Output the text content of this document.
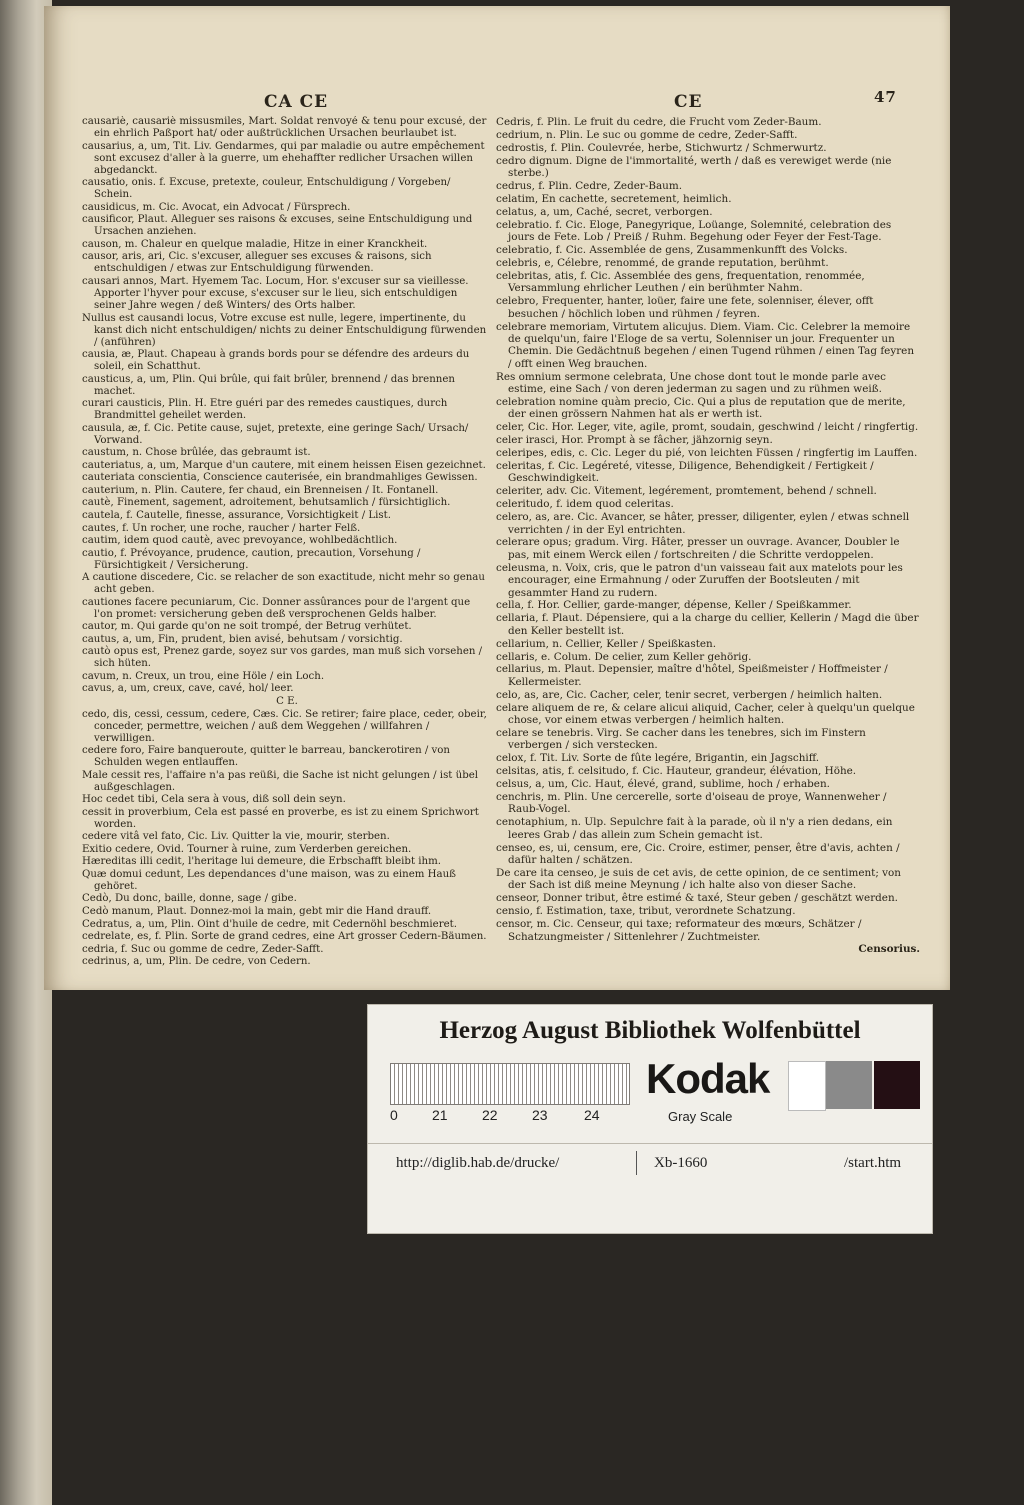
CA CE	CE	47
causariè, causariè missusmiles, Mart. Soldat renvoyé & tenu pour excusé, der ein ehrlich Paßport hat/ oder außtrücklichen Ursachen beurlaubet ist.
causarius, a, um, Tit. Liv. Gendarmes, qui par maladie ou autre empêchement sont excusez d'aller à la guerre, um ehehaffter redlicher Ursachen willen abgedanckt.
causatio, onis. f. Excuse, pretexte, couleur, Entschuldigung / Vorgeben/ Schein.
causidicus, m. Cic. Avocat, ein Advocat / Fürsprech.
causificor, Plaut. Alleguer ses raisons & excuses, seine Entschuldigung und Ursachen anziehen.
causon, m. Chaleur en quelque maladie, Hitze in einer Kranckheit.
causor, aris, ari, Cic. s'excuser, alleguer ses excuses & raisons, sich entschuldigen / etwas zur Entschuldigung fürwenden.
causari annos, Mart. Hyemem Tac. Locum, Hor. s'excuser sur sa vieillesse. Apporter l'hyver pour excuse, s'excuser sur le lieu, sich entschuldigen seiner Jahre wegen / deß Winters/ des Orts halber.
Nullus est causandi locus, Votre excuse est nulle, legere, impertinente, du kanst dich nicht entschuldigen/ nichts zu deiner Entschuldigung fürwenden / (anführen)
causia, æ, Plaut. Chapeau à grands bords pour se défendre des ardeurs du soleil, ein Schatthut.
causticus, a, um, Plin. Qui brûle, qui fait brûler, brennend / das brennen machet.
curari causticis, Plin. H. Etre guéri par des remedes caustiques, durch Brandmittel geheilet werden.
causula, æ, f. Cic. Petite cause, sujet, pretexte, eine geringe Sach/ Ursach/ Vorwand.
caustum, n. Chose brûlée, das gebraumt ist.
cauteriatus, a, um, Marque d'un cautere, mit einem heissen Eisen gezeichnet.
cauteriata conscientia, Conscience cauterisée, ein brandmahliges Gewissen.
cauterium, n. Plin. Cautere, fer chaud, ein Brenneisen / It. Fontanell.
cautè, Finement, sagement, adroitement, behutsamlich / fürsichtiglich.
cautela, f. Cautelle, finesse, assurance, Vorsichtigkeit / List.
cautes, f. Un rocher, une roche, raucher / harter Felß.
cautim, idem quod cautè, avec prevoyance, wohlbedächtlich.
cautio, f. Prévoyance, prudence, caution, precaution, Vorsehung / Fürsichtigkeit / Versicherung.
A cautione discedere, Cic. se relacher de son exactitude, nicht mehr so genau acht geben.
cautiones facere pecuniarum, Cic. Donner assûrances pour de l'argent que l'on promet: versicherung geben deß versprochenen Gelds halber.
cautor, m. Qui garde qu'on ne soit trompé, der Betrug verhütet.
cautus, a, um, Fin, prudent, bien avisé, behutsam / vorsichtig.
cautò opus est, Prenez garde, soyez sur vos gardes, man muß sich vorsehen / sich hüten.
cavum, n. Creux, un trou, eine Höle / ein Loch.
cavus, a, um, creux, cave, cavé, hol/ leer.
C E.
cedo, dis, cessi, cessum, cedere, Cæs. Cic. Se retirer; faire place, ceder, obeir, conceder, permettre, weichen / auß dem Weggehen / willfahren / verwilligen.
cedere foro, Faire banqueroute, quitter le barreau, banckerotiren / von Schulden wegen entlauffen.
Male cessit res, l'affaire n'a pas reüßi, die Sache ist nicht gelungen / ist übel außgeschlagen.
Hoc cedet tibi, Cela sera à vous, diß soll dein seyn.
cessit in proverbium, Cela est passé en proverbe, es ist zu einem Sprichwort worden.
cedere vitâ vel fato, Cic. Liv. Quitter la vie, mourir, sterben.
Exitio cedere, Ovid. Tourner à ruine, zum Verderben gereichen.
Hæreditas illi cedit, l'heritage lui demeure, die Erbschafft bleibt ihm.
Quæ domui cedunt, Les dependances d'une maison, was zu einem Hauß gehöret.
Cedò, Du donc, baille, donne, sage / gibe.
Cedò manum, Plaut. Donnez-moi la main, gebt mir die Hand drauff.
Cedratus, a, um, Plin. Oint d'huile de cedre, mit Cedernöhl beschmieret.
cedrelate, es, f. Plin. Sorte de grand cedres, eine Art grosser Cedern-Bäumen.
cedria, f. Suc ou gomme de cedre, Zeder-Safft.
cedrinus, a, um, Plin. De cedre, von Cedern.
Cedris, f. Plin. Le fruit du cedre, die Frucht vom Zeder-Baum.
cedrium, n. Plin. Le suc ou gomme de cedre, Zeder-Safft.
cedrostis, f. Plin. Coulevrée, herbe, Stichwurtz / Schmerwurtz.
cedro dignum. Digne de l'immortalité, werth / daß es verewiget werde (nie sterbe.)
cedrus, f. Plin. Cedre, Zeder-Baum.
celatim, En cachette, secretement, heimlich.
celatus, a, um, Caché, secret, verborgen.
celebratio. f. Cic. Eloge, Panegyrique, Loüange, Solemnité, celebration des jours de Fete. Lob / Preiß / Ruhm. Begehung oder Feyer der Fest-Tage.
celebratio, f. Cic. Assemblée de gens, Zusammenkunfft des Volcks.
celebris, e, Célebre, renommé, de grande reputation, berühmt.
celebritas, atis, f. Cic. Assemblée des gens, frequentation, renommée, Versammlung ehrlicher Leuthen / ein berühmter Nahm.
celebro, Frequenter, hanter, loüer, faire une fete, solenniser, élever, offt besuchen / höchlich loben und rühmen / feyren.
celebrare memoriam, Virtutem alicujus. Diem. Viam. Cic. Celebrer la memoire de quelqu'un, faire l'Eloge de sa vertu, Solenniser un jour. Frequenter un Chemin. Die Gedächtnuß begehen / einen Tugend rühmen / einen Tag feyren / offt einen Weg brauchen.
Res omnium sermone celebrata, Une chose dont tout le monde parle avec estime, eine Sach / von deren jederman zu sagen und zu rühmen weiß.
celebration nomine quàm precio, Cic. Qui a plus de reputation que de merite, der einen grössern Nahmen hat als er werth ist.
celer, Cic. Hor. Leger, vite, agile, promt, soudain, geschwind / leicht / ringfertig.
celer irasci, Hor. Prompt à se fâcher, jähzornig seyn.
celeripes, edis, c. Cic. Leger du pié, von leichten Füssen / ringfertig im Lauffen.
celeritas, f. Cic. Legéreté, vitesse, Diligence, Behendigkeit / Fertigkeit / Geschwindigkeit.
celeriter, adv. Cic. Vitement, legérement, promtement, behend / schnell.
celeritudo, f. idem quod celeritas.
celero, as, are. Cic. Avancer, se hâter, presser, diligenter, eylen / etwas schnell verrichten / in der Eyl entrichten.
celerare opus; gradum. Virg. Hâter, presser un ouvrage. Avancer, Doubler le pas, mit einem Werck eilen / fortschreiten / die Schritte verdoppelen.
celeusma, n. Voix, cris, que le patron d'un vaisseau fait aux matelots pour les encourager, eine Ermahnung / oder Zuruffen der Bootsleuten / mit gesammter Hand zu rudern.
cella, f. Hor. Cellier, garde-manger, dépense, Keller / Speißkammer.
cellaria, f. Plaut. Dépensiere, qui a la charge du cellier, Kellerin / Magd die über den Keller bestellt ist.
cellarium, n. Cellier, Keller / Speißkasten.
cellaris, e. Colum. De celier, zum Keller gehörig.
cellarius, m. Plaut. Depensier, maître d'hôtel, Speißmeister / Hoffmeister / Kellermeister.
celo, as, are, Cic. Cacher, celer, tenir secret, verbergen / heimlich halten.
celare aliquem de re, & celare alicui aliquid, Cacher, celer à quelqu'un quelque chose, vor einem etwas verbergen / heimlich halten.
celare se tenebris. Virg. Se cacher dans les tenebres, sich im Finstern verbergen / sich verstecken.
celox, f. Tit. Liv. Sorte de fûte legére, Brigantin, ein Jagschiff.
celsitas, atis, f. celsitudo, f. Cic. Hauteur, grandeur, élévation, Höhe.
celsus, a, um, Cic. Haut, élevé, grand, sublime, hoch / erhaben.
cenchris, m. Plin. Une cercerelle, sorte d'oiseau de proye, Wannenweher / Raub-Vogel.
cenotaphium, n. Ulp. Sepulchre fait à la parade, où il n'y a rien dedans, ein leeres Grab / das allein zum Schein gemacht ist.
censeo, es, ui, censum, ere, Cic. Croire, estimer, penser, être d'avis, achten / dafür halten / schätzen.
De care ita censeo, je suis de cet avis, de cette opinion, de ce sentiment; von der Sach ist diß meine Meynung / ich halte also von dieser Sache.
censeor, Donner tribut, être estimé & taxé, Steur geben / geschätzt werden.
censio, f. Estimation, taxe, tribut, verordnete Schatzung.
censor, m. Cic. Censeur, qui taxe; reformateur des mœurs, Schätzer / Schatzungmeister / Sittenlehrer / Zuchtmeister.
Censorius.
Herzog August Bibliothek Wolfenbüttel
0 21 22 23	24
Kodak
Gray Scale
http://diglib.hab.de/drucke/	Xb-1660	/start.htm
